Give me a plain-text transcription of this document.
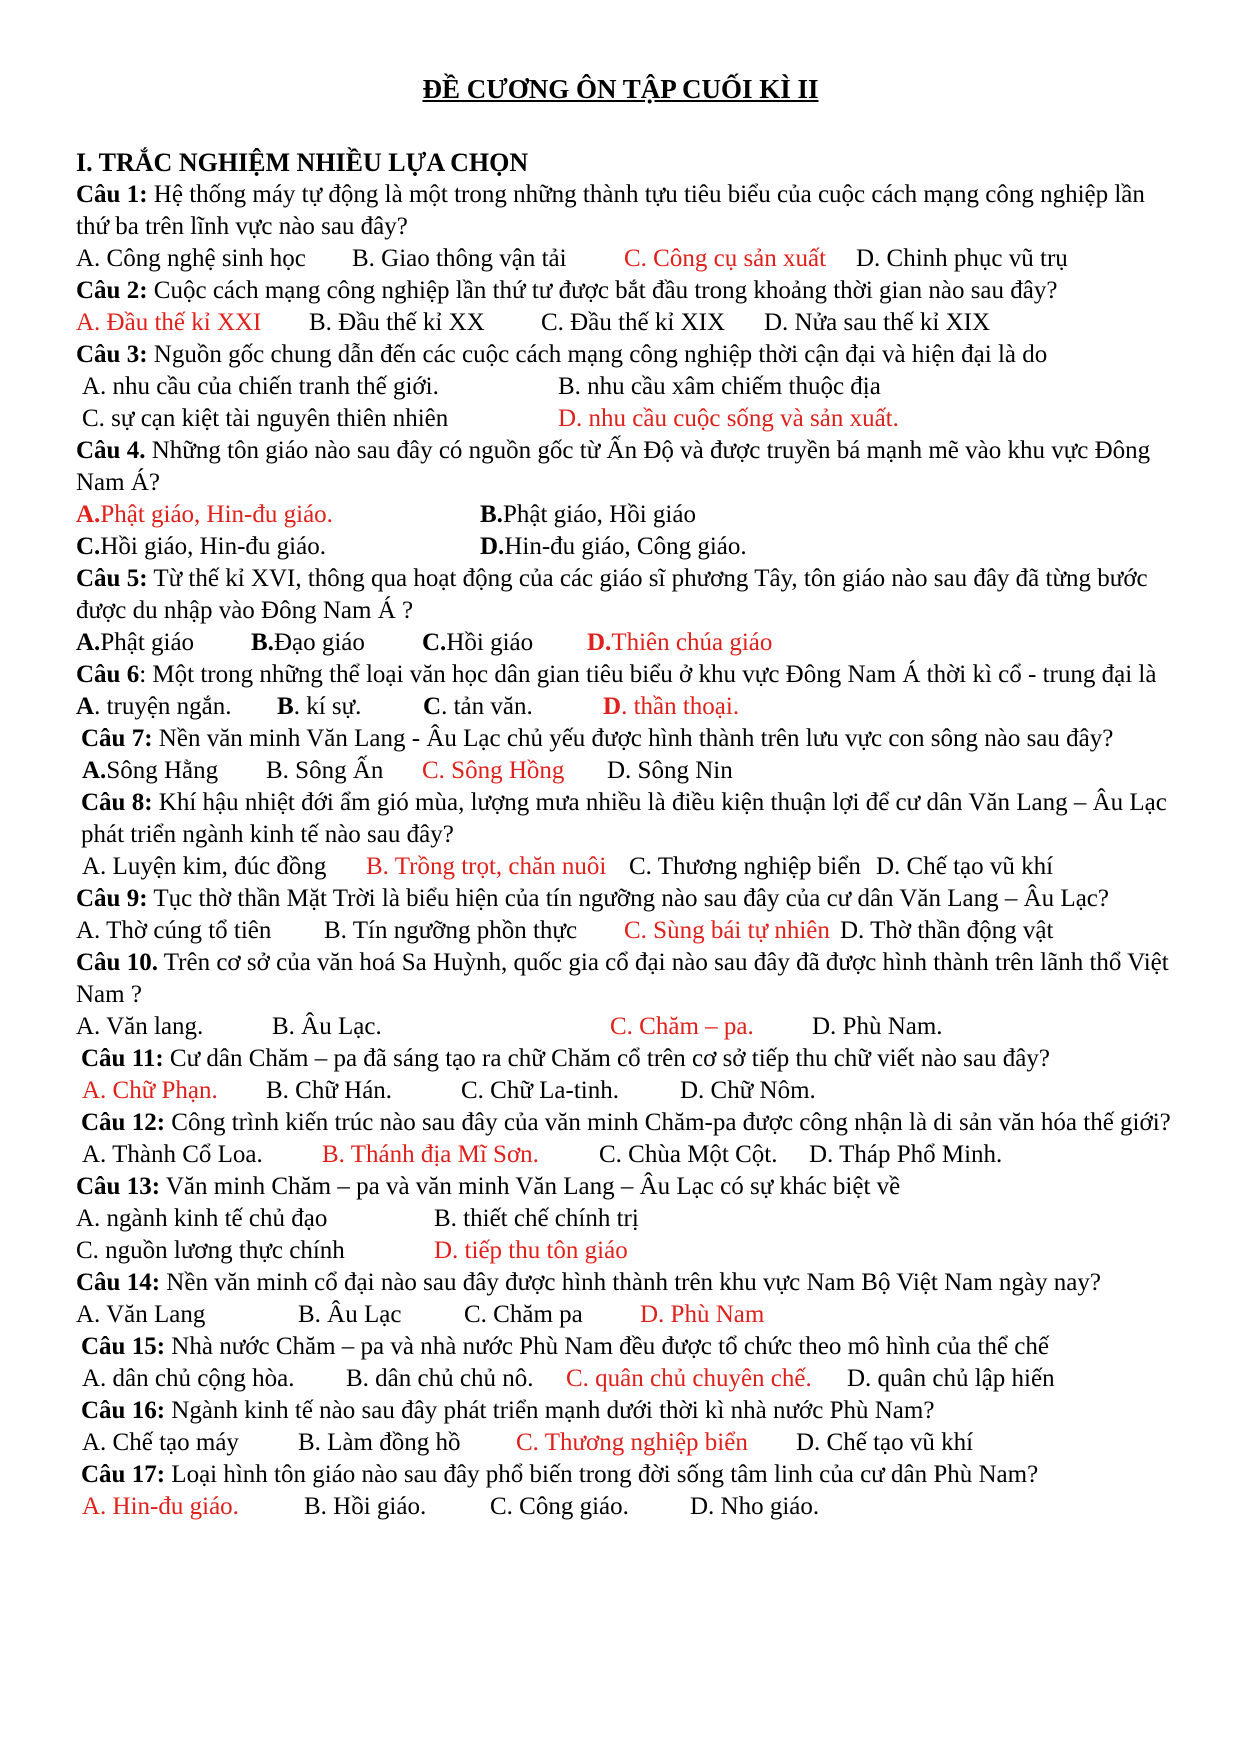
ĐỀ CƯƠNG ÔN TẬP CUỐI KÌ II
I. TRẮC NGHIỆM NHIỀU LỰA CHỌN

Câu 1: Hệ thống máy tự động là một trong những thành tựu tiêu biểu của cuộc cách mạng công nghiệp lần thứ ba trên lĩnh vực nào sau đây?

A. Công nghệ sinh học B. Giao thông vận tải C. Công cụ sản xuất D. Chinh phục vũ trụ

Câu 2: Cuộc cách mạng công nghiệp lần thứ tư được bắt đầu trong khoảng thời gian nào sau đây?

A. Đầu thế kỉ XXI B. Đầu thế kỉ XX C. Đầu thế kỉ XIX D. Nửa sau thế kỉ XIX

Câu 3: Nguồn gốc chung dẫn đến các cuộc cách mạng công nghiệp thời cận đại và hiện đại là do

A. nhu cầu của chiến tranh thế giới.	B. nhu cầu xâm chiếm thuộc địa
C. sự cạn kiệt tài nguyên thiên nhiên	D. nhu cầu cuộc sống và sản xuất.

Câu 4. Những tôn giáo nào sau đây có nguồn gốc từ Ấn Độ và được truyền bá mạnh mẽ vào khu vực Đông Nam Á?

A.Phật giáo, Hin-đu giáo.	B.Phật giáo, Hồi giáo
C.Hồi giáo, Hin-đu giáo.	D.Hin-đu giáo, Công giáo.

Câu 5: Từ thế kỉ XVI, thông qua hoạt động của các giáo sĩ phương Tây, tôn giáo nào sau đây đã từng bước được du nhập vào Đông Nam Á ?

A.Phật giáo B.Đạo giáo C.Hồi giáo D.Thiên chúa giáo

Câu 6: Một trong những thể loại văn học dân gian tiêu biểu ở khu vực Đông Nam Á thời kì cổ - trung đại là

A. truyện ngắn. B. kí sự. C. tản văn.	D. thần thoại.

Câu 7: Nền văn minh Văn Lang - Âu Lạc chủ yếu được hình thành trên lưu vực con sông nào sau đây?

A.Sông Hằng B. Sông Ấn C. Sông Hồng D. Sông Nin

Câu 8: Khí hậu nhiệt đới ẩm gió mùa, lượng mưa nhiều là điều kiện thuận lợi để cư dân Văn Lang – Âu Lạc phát triển ngành kinh tế nào sau đây?

A. Luyện kim, đúc đồng B. Trồng trọt, chăn nuôi C. Thương nghiệp biển D. Chế tạo vũ khí

Câu 9: Tục thờ thần Mặt Trời là biểu hiện của tín ngưỡng nào sau đây của cư dân Văn Lang – Âu Lạc?

A. Thờ cúng tổ tiên B. Tín ngưỡng phồn thực C. Sùng bái tự nhiên D. Thờ thần động vật

Câu 10. Trên cơ sở của văn hoá Sa Huỳnh, quốc gia cổ đại nào sau đây đã được hình thành trên lãnh thổ Việt Nam ?

A. Văn lang.	B. Âu Lạc.	C. Chăm – pa. D. Phù Nam.

Câu 11: Cư dân Chăm – pa đã sáng tạo ra chữ Chăm cổ trên cơ sở tiếp thu chữ viết nào sau đây?

A. Chữ Phạn. B. Chữ Hán.	C. Chữ La-tinh. D. Chữ Nôm.

Câu 12: Công trình kiến trúc nào sau đây của văn minh Chăm-pa được công nhận là di sản văn hóa thế giới?

A. Thành Cổ Loa. B. Thánh địa Mĩ Sơn. C. Chùa Một Cột. D. Tháp Phổ Minh.

Câu 13: Văn minh Chăm – pa và văn minh Văn Lang – Âu Lạc có sự khác biệt về

A. ngành kinh tế chủ đạo	B. thiết chế chính trị
C. nguồn lương thực chính	D. tiếp thu tôn giáo

Câu 14: Nền văn minh cổ đại nào sau đây được hình thành trên khu vực Nam Bộ Việt Nam ngày nay?

A. Văn Lang	B. Âu Lạc	C. Chăm pa D. Phù Nam

Câu 15: Nhà nước Chăm – pa và nhà nước Phù Nam đều được tổ chức theo mô hình của thể chế

A. dân chủ cộng hòa. B. dân chủ chủ nô. C. quân chủ chuyên chế. D. quân chủ lập hiến

Câu 16: Ngành kinh tế nào sau đây phát triển mạnh dưới thời kì nhà nước Phù Nam?

A. Chế tạo máy B. Làm đồng hồ C. Thương nghiệp biển D. Chế tạo vũ khí

Câu 17: Loại hình tôn giáo nào sau đây phổ biến trong đời sống tâm linh của cư dân Phù Nam?

A. Hin-đu giáo.	B. Hồi giáo.	C. Công giáo. D. Nho giáo.
